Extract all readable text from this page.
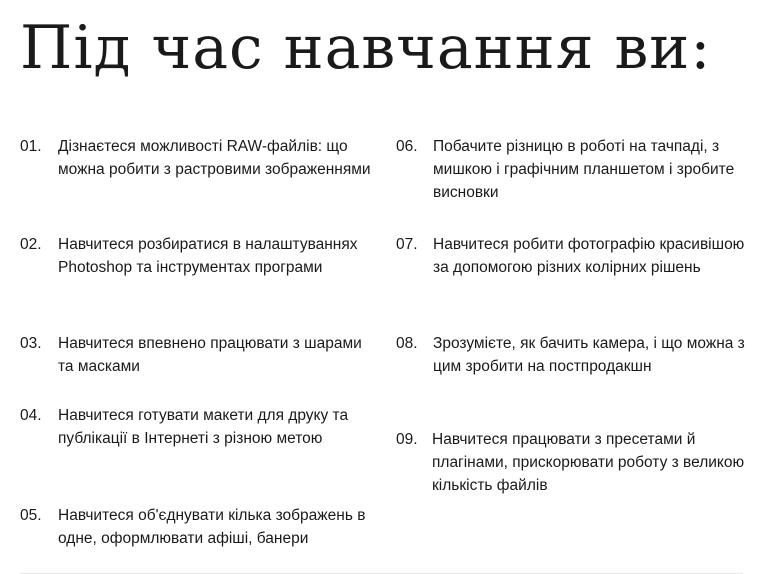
Під час навчання ви:
01. Дізнаєтеся можливості RAW-файлів: що можна робити з растровими зображеннями
02. Навчитеся розбиратися в налаштуваннях Photoshop та інструментах програми
03. Навчитеся впевнено працювати з шарами та масками
04. Навчитеся готувати макети для друку та публікації в Інтернеті з різною метою
05. Навчитеся об'єднувати кілька зображень в одне, оформлювати афіші, банери
06. Побачите різницю в роботі на тачпаді, з мишкою і графічним планшетом і зробите висновки
07. Навчитеся робити фотографію красивішою за допомогою різних колірних рішень
08. Зрозумієте, як бачить камера, і що можна з цим зробити на постпродакшн
09. Навчитеся працювати з пресетами й плагінами, прискорювати роботу з великою кількість файлів
